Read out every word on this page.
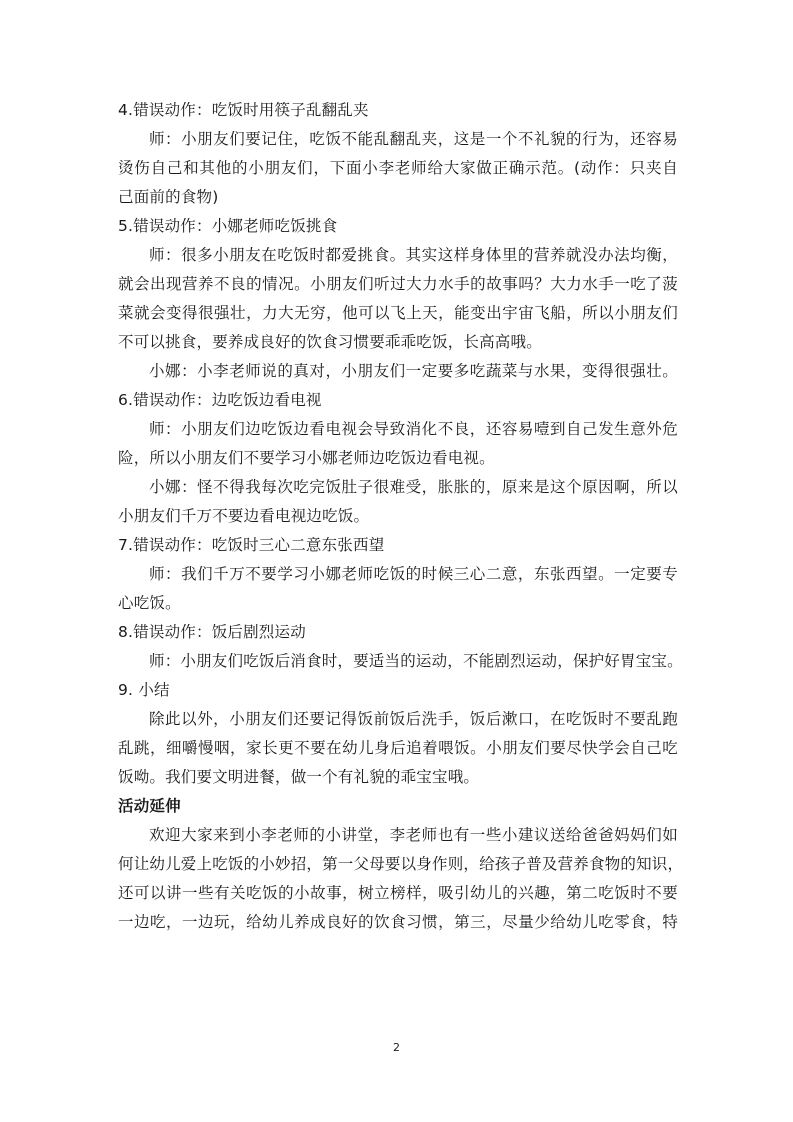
4.错误动作：吃饭时用筷子乱翻乱夹
师：小朋友们要记住，吃饭不能乱翻乱夹，这是一个不礼貌的行为，还容易
烫伤自己和其他的小朋友们，下面小李老师给大家做正确示范。(动作：只夹自
己面前的食物)
5.错误动作：小娜老师吃饭挑食
师：很多小朋友在吃饭时都爱挑食。其实这样身体里的营养就没办法均衡，
就会出现营养不良的情况。小朋友们听过大力水手的故事吗？大力水手一吃了菠
菜就会变得很强壮，力大无穷，他可以飞上天，能变出宇宙飞船，所以小朋友们
不可以挑食，要养成良好的饮食习惯要乖乖吃饭，长高高哦。
小娜：小李老师说的真对，小朋友们一定要多吃蔬菜与水果，变得很强壮。
6.错误动作：边吃饭边看电视
师：小朋友们边吃饭边看电视会导致消化不良，还容易噎到自己发生意外危
险，所以小朋友们不要学习小娜老师边吃饭边看电视。
小娜：怪不得我每次吃完饭肚子很难受，胀胀的，原来是这个原因啊，所以
小朋友们千万不要边看电视边吃饭。
7.错误动作：吃饭时三心二意东张西望
师：我们千万不要学习小娜老师吃饭的时候三心二意，东张西望。一定要专
心吃饭。
8.错误动作：饭后剧烈运动
师：小朋友们吃饭后消食时，要适当的运动，不能剧烈运动，保护好胃宝宝。
9. 小结
除此以外，小朋友们还要记得饭前饭后洗手，饭后漱口，在吃饭时不要乱跑
乱跳，细嚼慢咽，家长更不要在幼儿身后追着喂饭。小朋友们要尽快学会自己吃
饭呦。我们要文明进餐，做一个有礼貌的乖宝宝哦。
活动延伸
欢迎大家来到小李老师的小讲堂，李老师也有一些小建议送给爸爸妈妈们如
何让幼儿爱上吃饭的小妙招，第一父母要以身作则，给孩子普及营养食物的知识，
还可以讲一些有关吃饭的小故事，树立榜样，吸引幼儿的兴趣，第二吃饭时不要
一边吃，一边玩，给幼儿养成良好的饮食习惯，第三，尽量少给幼儿吃零食，特
2
